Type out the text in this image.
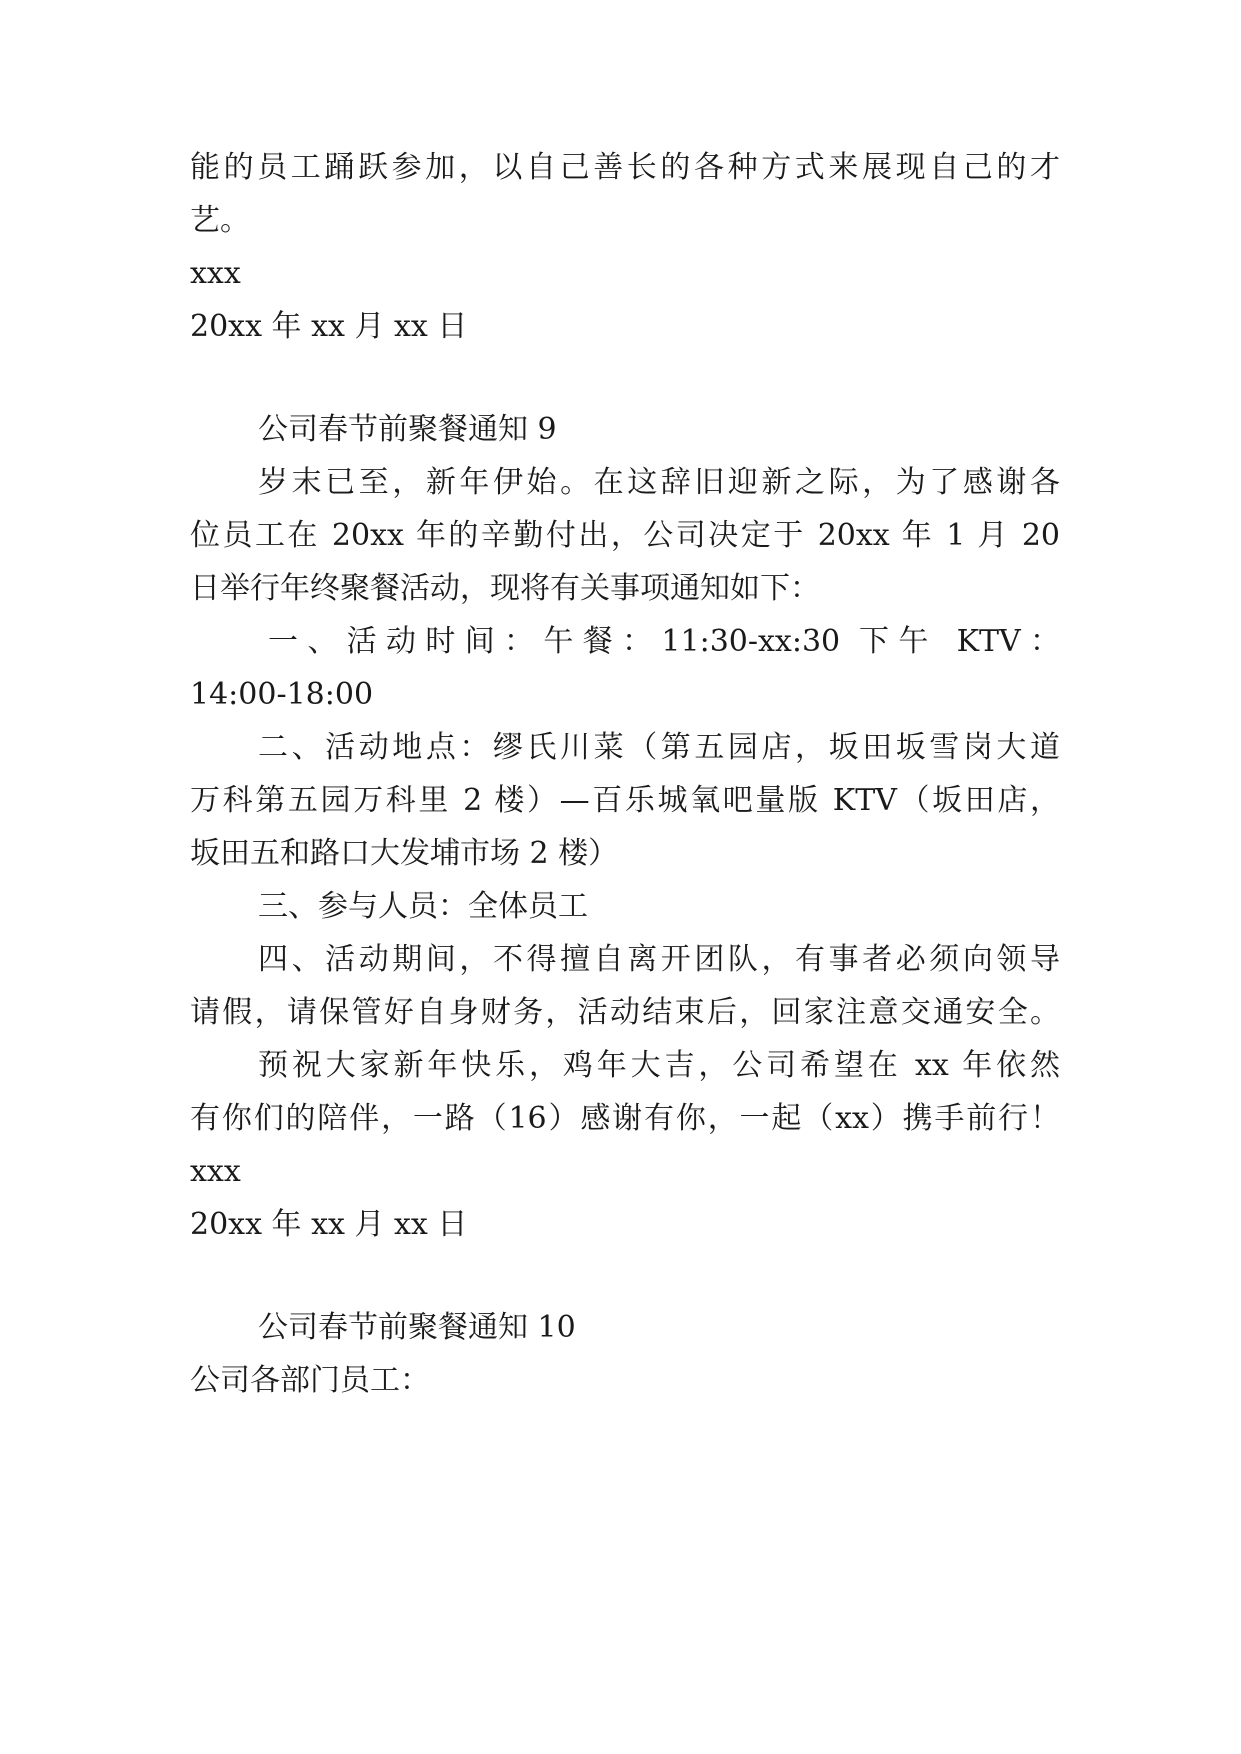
能的员工踊跃参加，以自己善长的各种方式来展现自己的才
艺。
xxx
20xx 年 xx 月 xx 日
公司春节前聚餐通知 9
岁末已至，新年伊始。在这辞旧迎新之际，为了感谢各
位员工在 20xx 年的辛勤付出，公司决定于 20xx 年 1 月 20
日举行年终聚餐活动，现将有关事项通知如下：
一、活动时间：午餐：11:30-xx:30 下午 KTV：
14:00-18:00
二、活动地点：缪氏川菜（第五园店，坂田坂雪岗大道
万科第五园万科里 2 楼）—百乐城氧吧量版 KTV（坂田店，
坂田五和路口大发埔市场 2 楼）
三、参与人员：全体员工
四、活动期间，不得擅自离开团队，有事者必须向领导
请假，请保管好自身财务，活动结束后，回家注意交通安全。
预祝大家新年快乐，鸡年大吉，公司希望在 xx 年依然
有你们的陪伴，一路（16）感谢有你，一起（xx）携手前行！
xxx
20xx 年 xx 月 xx 日
公司春节前聚餐通知 10
公司各部门员工：
